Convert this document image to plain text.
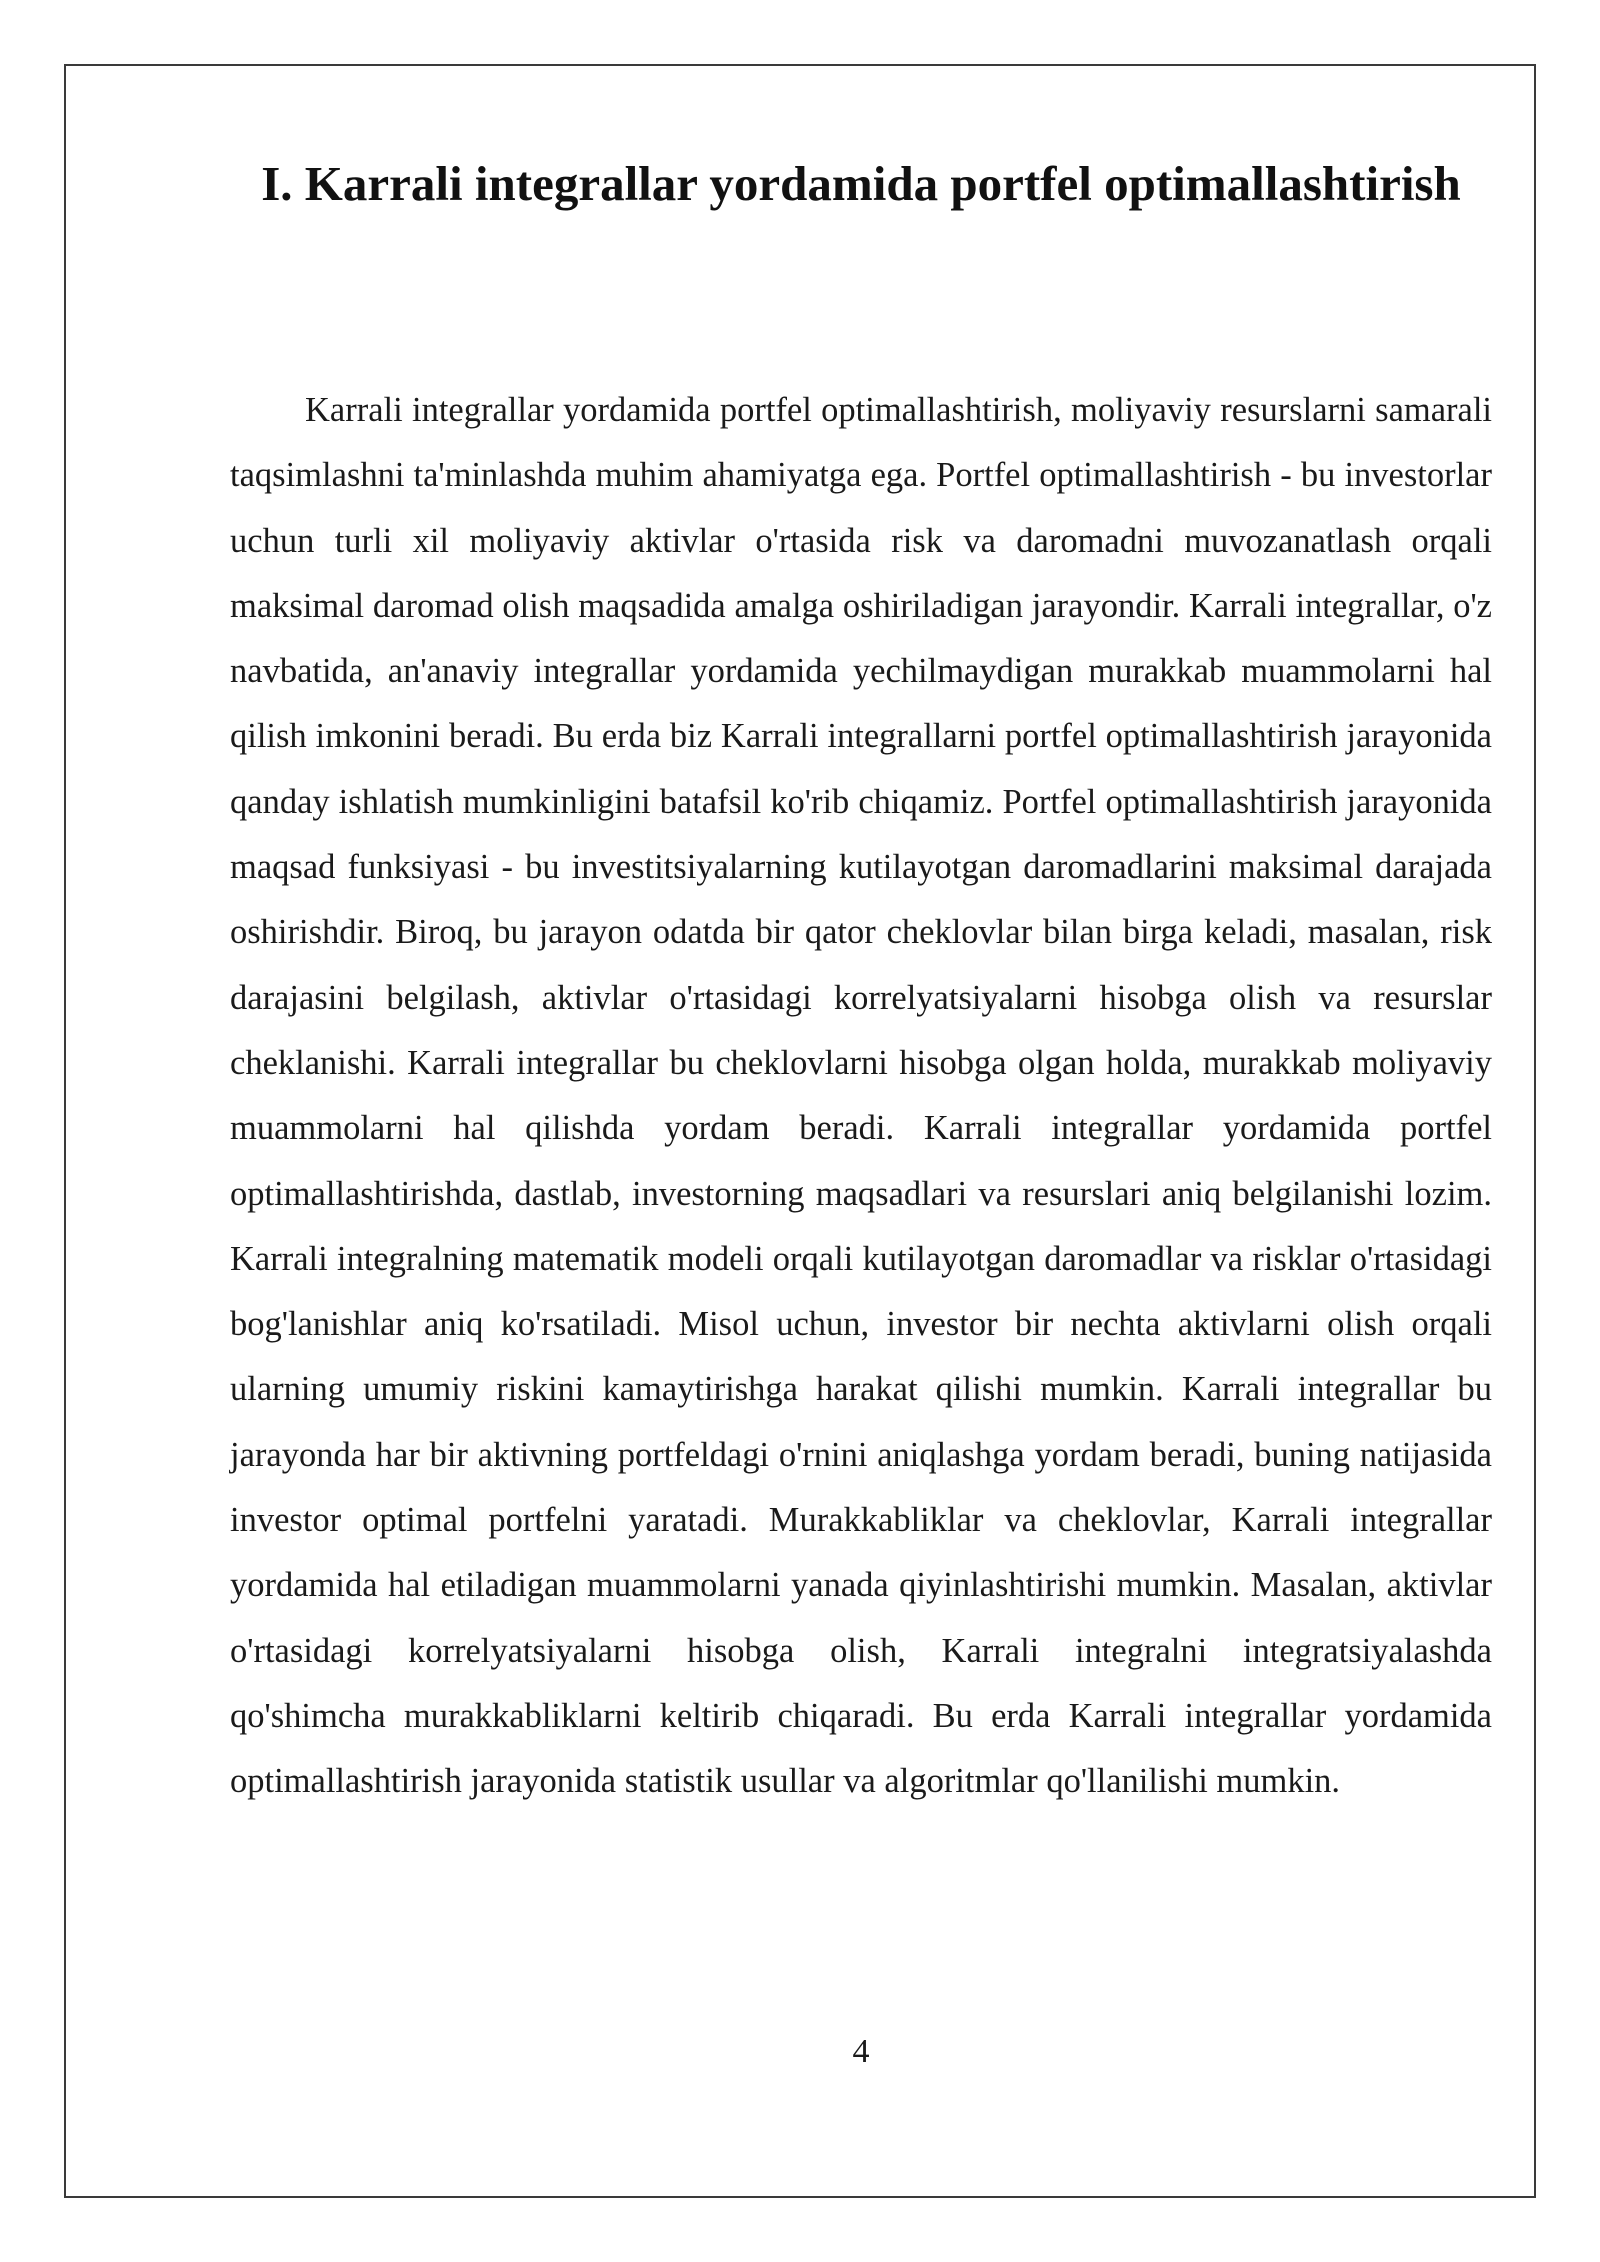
I. Karrali integrallar yordamida portfel optimallashtirish

Karrali integrallar yordamida portfel optimallashtirish, moliyaviy resurslarni samarali taqsimlashni ta'minlashda muhim ahamiyatga ega. Portfel optimallashtirish - bu investorlar uchun turli xil moliyaviy aktivlar o'rtasida risk va daromadni muvozanatlash orqali maksimal daromad olish maqsadida amalga oshiriladigan jarayondir. Karrali integrallar, o'z navbatida, an'anaviy integrallar yordamida yechilmaydigan murakkab muammolarni hal qilish imkonini beradi. Bu erda biz Karrali integrallarni portfel optimallashtirish jarayonida qanday ishlatish mumkinligini batafsil ko'rib chiqamiz. Portfel optimallashtirish jarayonida maqsad funksiyasi - bu investitsiyalarning kutilayotgan daromadlarini maksimal darajada oshirishdir. Biroq, bu jarayon odatda bir qator cheklovlar bilan birga keladi, masalan, risk darajasini belgilash, aktivlar o'rtasidagi korrelyatsiyalarni hisobga olish va resurslar cheklanishi. Karrali integrallar bu cheklovlarni hisobga olgan holda, murakkab moliyaviy muammolarni hal qilishda yordam beradi. Karrali integrallar yordamida portfel optimallashtirishda, dastlab, investorning maqsadlari va resurslari aniq belgilanishi lozim. Karrali integralning matematik modeli orqali kutilayotgan daromadlar va risklar o'rtasidagi bog'lanishlar aniq ko'rsatiladi. Misol uchun, investor bir nechta aktivlarni olish orqali ularning umumiy riskini kamaytirishga harakat qilishi mumkin. Karrali integrallar bu jarayonda har bir aktivning portfeldagi o'rnini aniqlashga yordam beradi, buning natijasida investor optimal portfelni yaratadi. Murakkabliklar va cheklovlar, Karrali integrallar yordamida hal etiladigan muammolarni yanada qiyinlashtirishi mumkin. Masalan, aktivlar o'rtasidagi korrelyatsiyalarni hisobga olish, Karrali integralni integratsiyalashda qo'shimcha murakkabliklarni keltirib chiqaradi. Bu erda Karrali integrallar yordamida optimallashtirish jarayonida statistik usullar va algoritmlar qo'llanilishi mumkin.

4
